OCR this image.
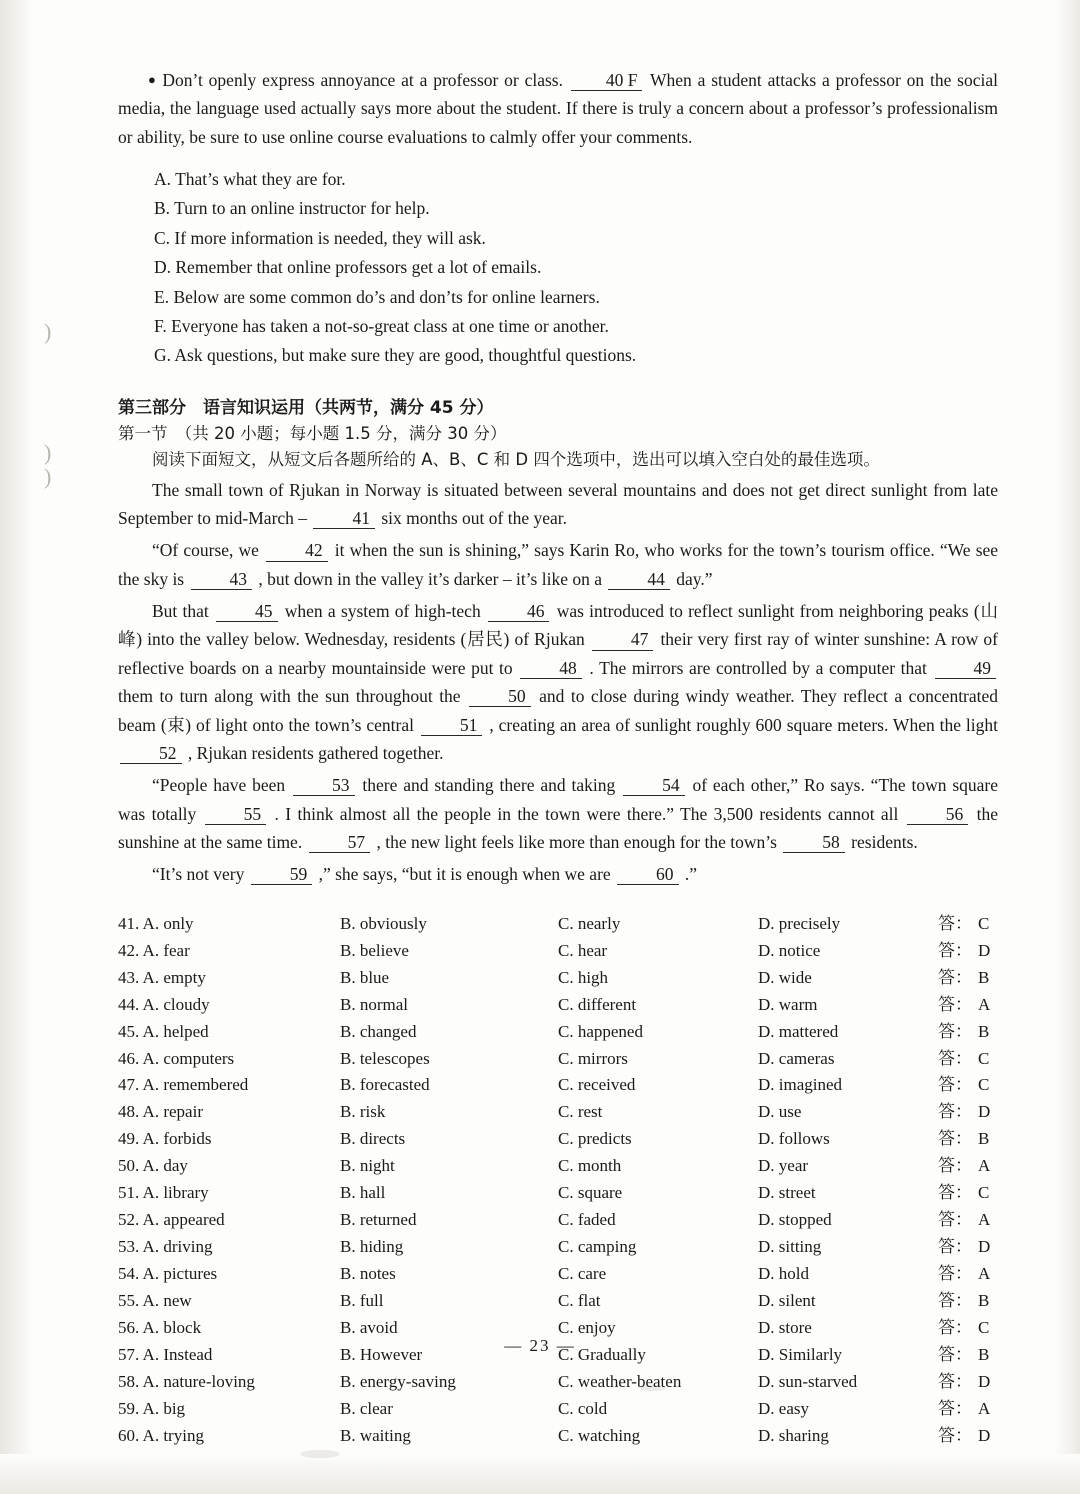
)

)
)

● Don’t openly express annoyance at a professor or class. 40 F When a student attacks a professor on the social media, the language used actually says more about the student. If there is truly a concern about a professor’s professionalism or ability, be sure to use online course evaluations to calmly offer your comments.

A. That’s what they are for.
B. Turn to an online instructor for help.
C. If more information is needed, they will ask.
D. Remember that online professors get a lot of emails.
E. Below are some common do’s and don’ts for online learners.
F. Everyone has taken a not-so-great class at one time or another.
G. Ask questions, but make sure they are good, thoughtful questions.
第三部分　语言知识运用（共两节，满分 45 分）
第一节　（共 20 小题；每小题 1.5 分，满分 30 分）
阅读下面短文，从短文后各题所给的 A、B、C 和 D 四个选项中，选出可以填入空白处的最佳选项。

The small town of Rjukan in Norway is situated between several mountains and does not get direct sunlight from late September to mid-March –	41 six months out of the year.

“Of course, we	42 it when the sun is shining,” says Karin Ro, who works for the town’s tourism office. “We see the sky is	43 , but down in the valley it’s darker – it’s like on a	44 day.”

But that	45 when a system of high-tech	46 was introduced to reflect sunlight from neighboring peaks (山峰) into the valley below. Wednesday, residents (居民) of Rjukan	47 their very first ray of winter sunshine: A row of reflective boards on a nearby mountainside were put to	48 . The mirrors are controlled by a computer that	49 them to turn along with the sun throughout the	50 and to close during windy weather. They reflect a concentrated beam (束) of light onto the town’s central	51 , creating an area of sunlight roughly 600 square meters. When the light 52 , Rjukan residents gathered together.

“People have been	53 there and standing there and taking	54 of each other,” Ro says. “The town square was totally	55 . I think almost all the people in the town were there.” The 3,500 residents cannot all	56 the sunshine at the same time.	57 , the new light feels like more than enough for the town’s	58 residents.

“It’s not very	59 ,” she says, “but it is enough when we are	60 .”

41. A. only	B. obviously	C. nearly	D. precisely	答： C
42. A. fear	B. believe	C. hear	D. notice	答： D
43. A. empty	B. blue	C. high	D. wide	答： B
44. A. cloudy	B. normal	C. different	D. warm	答： A
45. A. helped	B. changed	C. happened	D. mattered	答： B
46. A. computers	B. telescopes	C. mirrors	D. cameras	答： C
47. A. remembered	B. forecasted	C. received	D. imagined	答： C
48. A. repair	B. risk	C. rest	D. use	答： D
49. A. forbids	B. directs	C. predicts	D. follows	答： B
50. A. day	B. night	C. month	D. year	答： A
51. A. library	B. hall	C. square	D. street	答： C
52. A. appeared	B. returned	C. faded	D. stopped	答： A
53. A. driving	B. hiding	C. camping	D. sitting	答： D
54. A. pictures	B. notes	C. care	D. hold	答： A
55. A. new	B. full	C. flat	D. silent	答： B
56. A. block	B. avoid	C. enjoy	D. store	答： C
57. A. Instead	B. However	C. Gradually	D. Similarly	答： B
58. A. nature-loving	B. energy-saving	C. weather-beaten	D. sun-starved	答： D
59. A. big	B. clear	C. cold	D. easy	答： A
60. A. trying	B. waiting	C. watching	D. sharing	答： D
— 23 —
